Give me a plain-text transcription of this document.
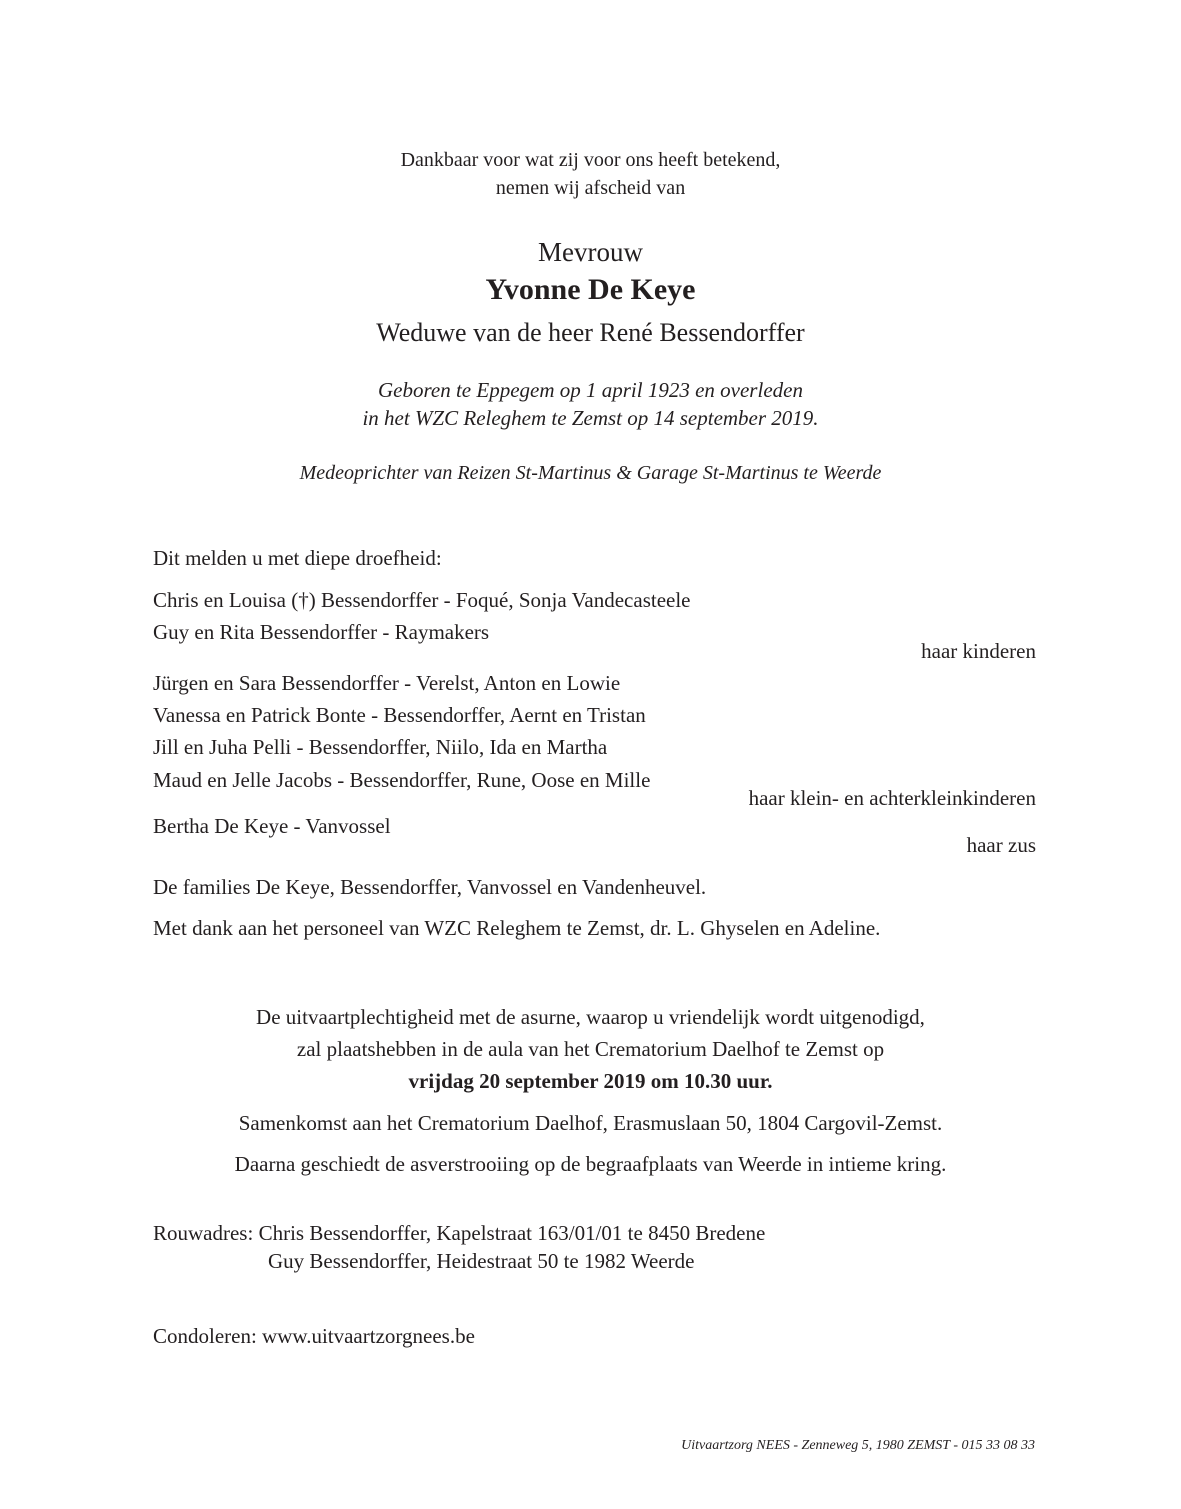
Dankbaar voor wat zij voor ons heeft betekend,
nemen wij afscheid van
Mevrouw
Yvonne De Keye
Weduwe van de heer René Bessendorffer
Geboren te Eppegem op 1 april 1923 en overleden
in het WZC Releghem te Zemst op 14 september 2019.
Medeoprichter van Reizen St-Martinus & Garage St-Martinus te Weerde
Dit melden u met diepe droefheid:
Chris en Louisa (†) Bessendorffer - Foqué, Sonja Vandecasteele
Guy en Rita Bessendorffer - Raymakers
haar kinderen
Jürgen en Sara Bessendorffer - Verelst, Anton en Lowie
Vanessa en Patrick Bonte - Bessendorffer, Aernt en Tristan
Jill en Juha Pelli - Bessendorffer, Niilo, Ida en Martha
Maud en Jelle Jacobs - Bessendorffer, Rune, Oose en Mille
haar klein- en achterkleinkinderen
Bertha De Keye - Vanvossel
haar zus
De families De Keye, Bessendorffer, Vanvossel en Vandenheuvel.
Met dank aan het personeel van WZC Releghem te Zemst, dr. L. Ghyselen en Adeline.
De uitvaartplechtigheid met de asurne, waarop u vriendelijk wordt uitgenodigd,
zal plaatshebben in de aula van het Crematorium Daelhof te Zemst op
vrijdag 20 september 2019 om 10.30 uur.
Samenkomst aan het Crematorium Daelhof, Erasmuslaan 50, 1804 Cargovil-Zemst.
Daarna geschiedt de asverstrooiing op de begraafplaats van Weerde in intieme kring.
Rouwadres: Chris Bessendorffer, Kapelstraat 163/01/01 te 8450 Bredene
Guy Bessendorffer, Heidestraat 50 te 1982 Weerde
Condoleren: www.uitvaartzorgnees.be
Uitvaartzorg NEES - Zenneweg 5, 1980 ZEMST - 015 33 08 33
